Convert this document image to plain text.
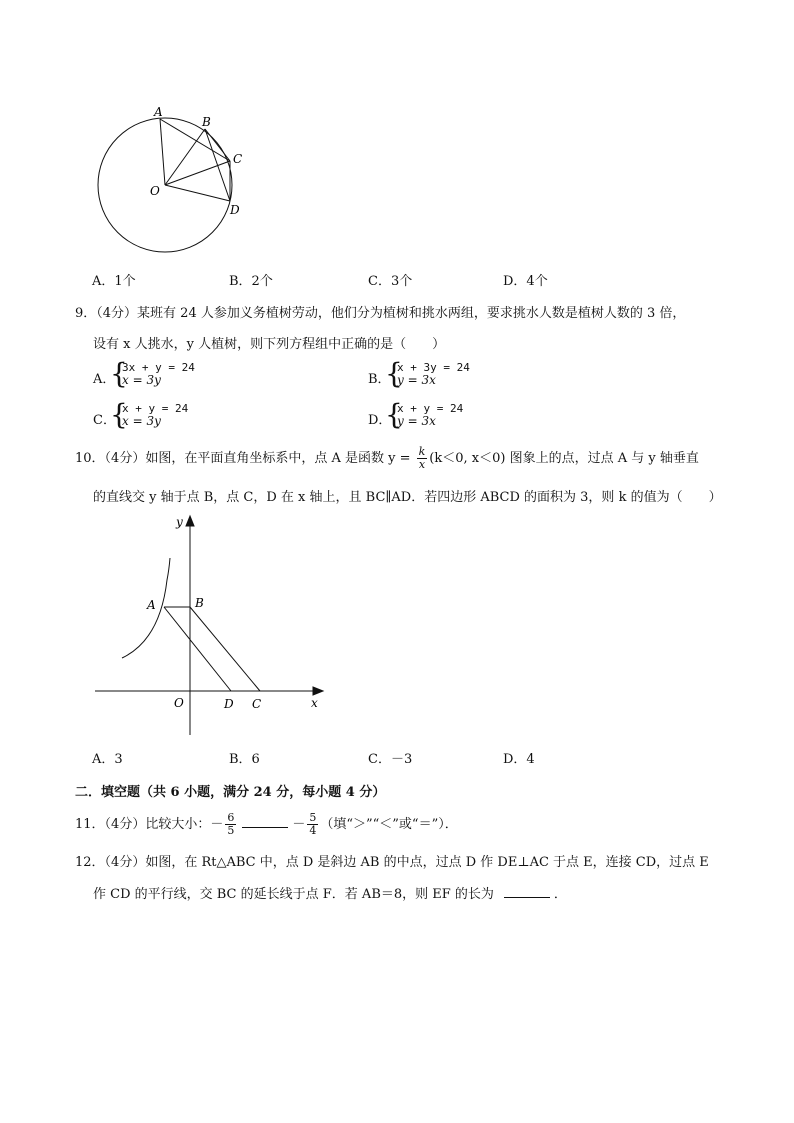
A
B
C
O
D
A．1个	B．2个	C．3个	D．4个
9．（4分）某班有 24 人参加义务植树劳动，他们分为植树和挑水两组，要求挑水人数是植树人数的 3 倍，
设有 x 人挑水，y 人植树，则下列方程组中正确的是（　　）
A．
{
3x + y = 24
x = 3y	B．
{
x + 3y = 24
y = 3x
C．
{
x + y = 24
x = 3y	D．
{
x + y = 24
y = 3x
10．（4分）如图，在平面直角坐标系中，点 A 是函数 $y = \frac{k}{x} (k<0$, x＜0) 图象上的点，过点 A 与 y 轴垂直
的直线交 y 轴于点 B，点 C，D 在 x 轴上，且 BC∥AD．若四边形 ABCD 的面积为 3，则 k 的值为（　　）
y
A	B
O	D C	x
A．3	B．6	C．－3	D．4
二．填空题（共 6 小题，满分 24 分，每小题 4 分）
11．（4分）比较大小：－ $\frac{6}{5}$	－ $\frac{5}{4}$ （填“＞”“＜”或“＝”）．
12．（4分）如图，在 Rt△ABC 中，点 D 是斜边 AB 的中点，过点 D 作 DE⊥AC 于点 E，连接 CD，过点 E
作 CD 的平行线，交 BC 的延长线于点 F．若 AB＝8，则 EF 的长为	．
